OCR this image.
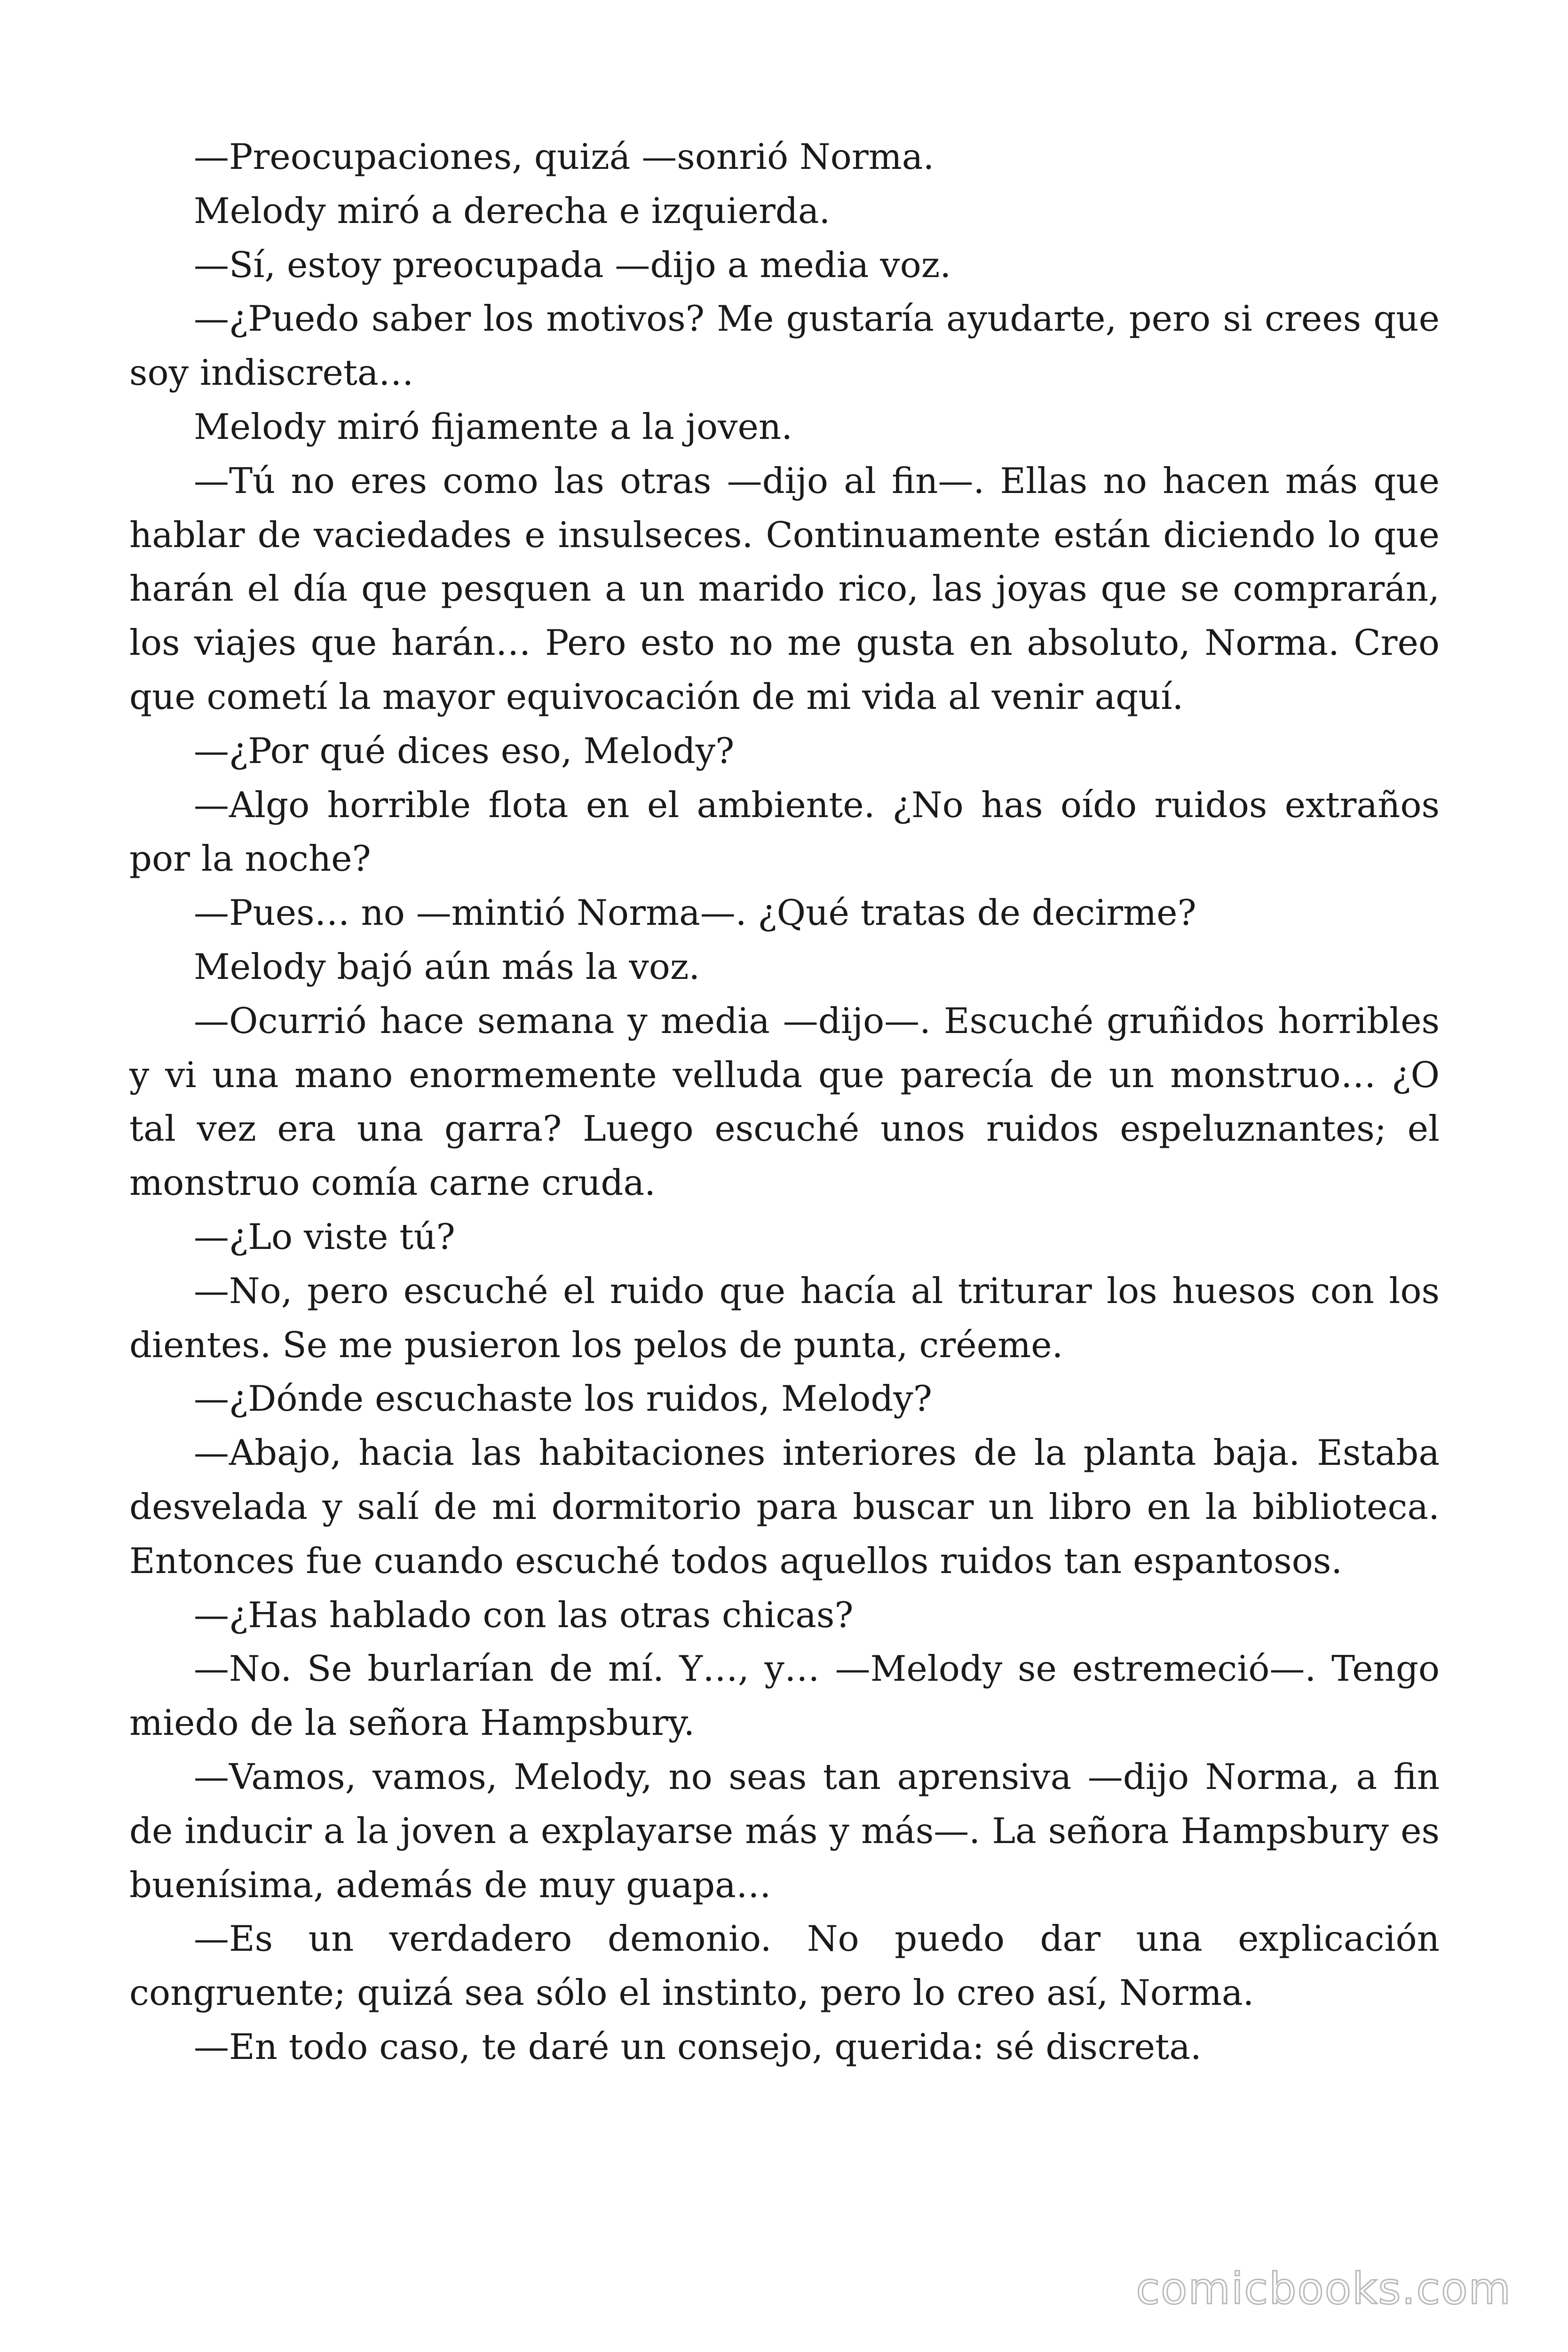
—Preocupaciones, quizá —sonrió Norma.

Melody miró a derecha e izquierda.

—Sí, estoy preocupada —dijo a media voz.

—¿Puedo saber los motivos? Me gustaría ayudarte, pero si crees que soy indiscreta…

Melody miró fijamente a la joven.

—Tú no eres como las otras —dijo al fin—. Ellas no hacen más que hablar de vaciedades e insulseces. Continuamente están diciendo lo que harán el día que pesquen a un marido rico, las joyas que se comprarán, los viajes que harán… Pero esto no me gusta en absoluto, Norma. Creo que cometí la mayor equivocación de mi vida al venir aquí.

—¿Por qué dices eso, Melody?

—Algo horrible flota en el ambiente. ¿No has oído ruidos extraños por la noche?

—Pues… no —mintió Norma—. ¿Qué tratas de decirme?

Melody bajó aún más la voz.

—Ocurrió hace semana y media —dijo—. Escuché gruñidos horribles y vi una mano enormemente velluda que parecía de un monstruo… ¿O tal vez era una garra? Luego escuché unos ruidos espeluznantes; el monstruo comía carne cruda.

—¿Lo viste tú?

—No, pero escuché el ruido que hacía al triturar los huesos con los dientes. Se me pusieron los pelos de punta, créeme.

—¿Dónde escuchaste los ruidos, Melody?

—Abajo, hacia las habitaciones interiores de la planta baja. Estaba desvelada y salí de mi dormitorio para buscar un libro en la biblioteca. Entonces fue cuando escuché todos aquellos ruidos tan espantosos.

—¿Has hablado con las otras chicas?

—No. Se burlarían de mí. Y…, y… —Melody se estremeció—. Tengo miedo de la señora Hampsbury.

—Vamos, vamos, Melody, no seas tan aprensiva —dijo Norma, a fin de inducir a la joven a explayarse más y más—. La señora Hampsbury es buenísima, además de muy guapa…

—Es un verdadero demonio. No puedo dar una explicación congruente; quizá sea sólo el instinto, pero lo creo así, Norma.

—En todo caso, te daré un consejo, querida: sé discreta.

comicbooks.com
